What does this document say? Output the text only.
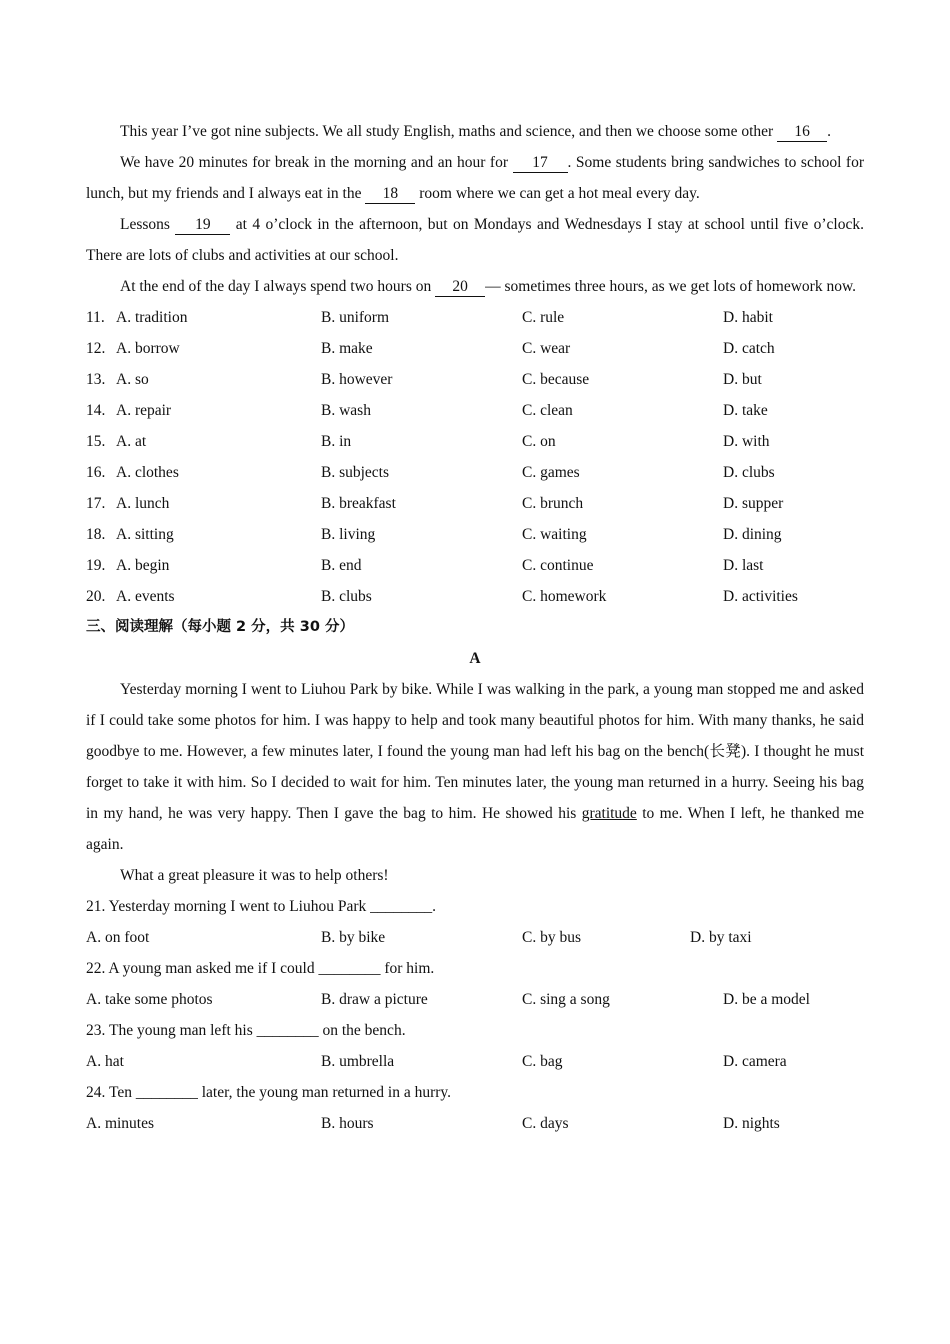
This year I’ve got nine subjects. We all study English, maths and science, and then we choose some other 16 .
We have 20 minutes for break in the morning and an hour for 17 . Some students bring sandwiches to school for lunch, but my friends and I always eat in the 18 room where we can get a hot meal every day.
Lessons 19 at 4 o’clock in the afternoon, but on Mondays and Wednesdays I stay at school until five o’clock. There are lots of clubs and activities at our school.
At the end of the day I always spend two hours on 20 — sometimes three hours, as we get lots of homework now.
11. A. tradition	B. uniform	C. rule	D. habit
12. A. borrow	B. make	C. wear	D. catch
13. A. so	B. however	C. because	D. but
14. A. repair	B. wash	C. clean	D. take
15. A. at	B. in	C. on	D. with
16. A. clothes	B. subjects	C. games	D. clubs
17. A. lunch	B. breakfast	C. brunch	D. supper
18. A. sitting	B. living	C. waiting	D. dining
19. A. begin	B. end	C. continue	D. last
20. A. events	B. clubs	C. homework	D. activities
三、阅读理解（每小题 2 分，共 30 分）
A
Yesterday morning I went to Liuhou Park by bike. While I was walking in the park, a young man stopped me and asked if I could take some photos for him. I was happy to help and took many beautiful photos for him. With many thanks, he said goodbye to me. However, a few minutes later, I found the young man had left his bag on the bench(长凳). I thought he must forget to take it with him. So I decided to wait for him. Ten minutes later, the young man returned in a hurry. Seeing his bag in my hand, he was very happy. Then I gave the bag to him. He showed his gratitude to me. When I left, he thanked me again.
What a great pleasure it was to help others!
21. Yesterday morning I went to Liuhou Park ________.
A. on foot	B. by bike	C. by bus	D. by taxi
22. A young man asked me if I could ________ for him.
A. take some photos	B. draw a picture	C. sing a song	D. be a model
23. The young man left his ________ on the bench.
A. hat	B. umbrella	C. bag	D. camera
24. Ten ________ later, the young man returned in a hurry.
A. minutes	B. hours	C. days	D. nights
